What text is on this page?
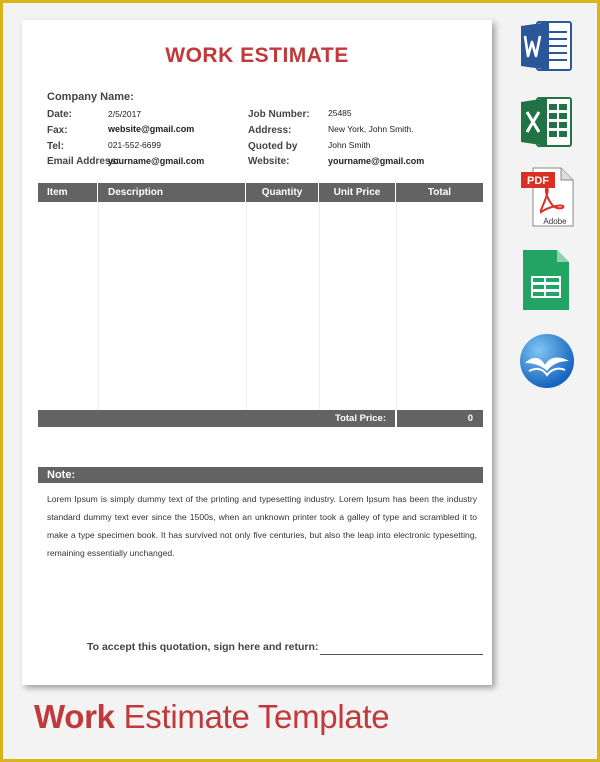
WORK ESTIMATE
Company Name:
Date:	2/5/2017
Fax:	website@gmail.com
Tel:	021-552-6699
Email Address:
yourname@gmail.com
Job Number: 25485
Address:	New York, John Smith.
Quoted by	John Smith
Website:	yourname@gmail.com
Item	Description	Quantity	Unit Price	Total
Total Price:	0
Note:
Lorem Ipsum is simply dummy text of the printing and typesetting industry. Lorem Ipsum has been the industry standard dummy text ever since the 1500s, when an unknown printer took a galley of type and scrambled it to make a type specimen book. It has survived not only five centuries, but also the leap into electronic typesetting, remaining essentially unchanged.
To accept this quotation, sign here and return:
Work Estimate Template
PDF
Adobe
